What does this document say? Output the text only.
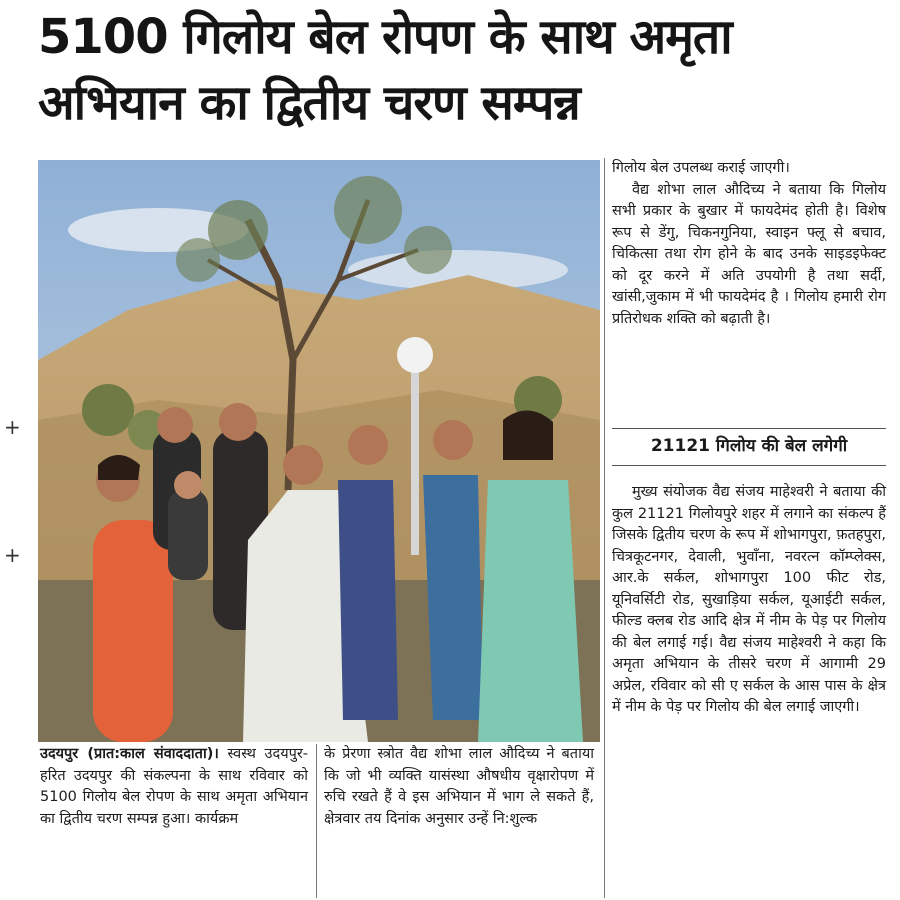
5100 गिलोय बेल रोपण के साथ अमृता
अभियान का द्वितीय चरण सम्पन्न
+
+

गिलोय बेल उपलब्ध कराई जाएगी।

वैद्य शोभा लाल औदिच्य ने बताया कि गिलोय सभी प्रकार के बुखार में फायदेमंद होती है। विशेष रूप से डेंगु, चिकनगुनिया, स्वाइन फ्लू से बचाव, चिकित्सा तथा रोग होने के बाद उनके साइडइफेक्ट को दूर करने में अति उपयोगी है तथा सर्दी, खांसी,जुकाम में भी फायदेमंद है । गिलोय हमारी रोग प्रतिरोधक शक्ति को बढ़ाती है।

21121 गिलोय की बेल लगेगी

मुख्य संयोजक वैद्य संजय माहेश्वरी ने बताया की कुल 21121 गिलोयपुरे शहर में लगाने का संकल्प हैं जिसके द्वितीय चरण के रूप में शोभागपुरा, फ़तहपुरा, चित्रकूटनगर, देवाली, भुवाँना, नवरत्न कॉम्प्लेक्स, आर.के सर्कल, शोभागपुरा 100 फीट रोड, यूनिवर्सिटी रोड, सुखाड़िया सर्कल, यूआईटी सर्कल, फील्ड क्लब रोड आदि क्षेत्र में नीम के पेड़ पर गिलोय की बेल लगाई गई। वैद्य संजय माहेश्वरी ने कहा कि अमृता अभियान के तीसरे चरण में आगामी 29 अप्रेल, रविवार को सी ए सर्कल के आस पास के क्षेत्र में नीम के पेड़ पर गिलोय की बेल लगाई जाएगी।

उदयपुर (प्रात:काल संवाददाता)। स्वस्थ उदयपुर-हरित उदयपुर की संकल्पना के साथ रविवार को 5100 गिलोय बेल रोपण के साथ अमृता अभियान का द्वितीय चरण सम्पन्न हुआ। कार्यक्रम

के प्रेरणा स्त्रोत वैद्य शोभा लाल औदिच्य ने बताया कि जो भी व्यक्ति यासंस्था औषधीय वृक्षारोपण में रुचि रखते हैं वे इस अभियान में भाग ले सकते हैं, क्षेत्रवार तय दिनांक अनुसार उन्हें नि:शुल्क
